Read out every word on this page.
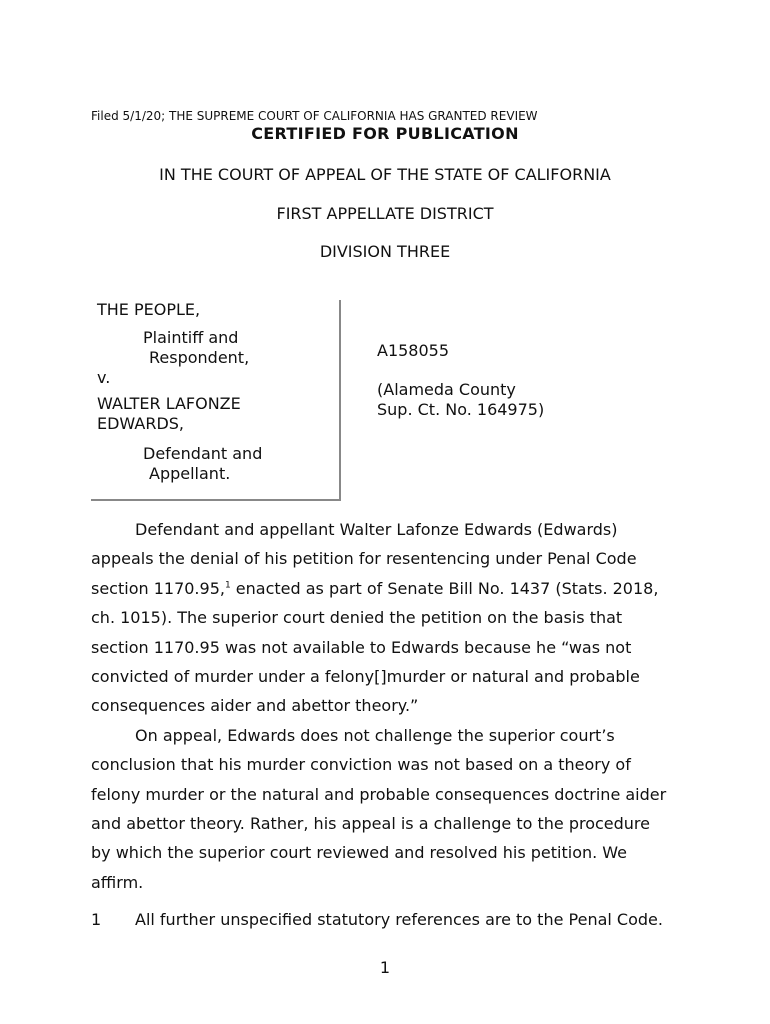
Filed 5/1/20; THE SUPREME COURT OF CALIFORNIA HAS GRANTED REVIEW
CERTIFIED FOR PUBLICATION
IN THE COURT OF APPEAL OF THE STATE OF CALIFORNIA
FIRST APPELLATE DISTRICT
DIVISION THREE
THE PEOPLE,
Plaintiff and
Respondent,
v.
WALTER LAFONZE
EDWARDS,
Defendant and
Appellant.
A158055
(Alameda County
Sup. Ct. No. 164975)

Defendant and appellant Walter Lafonze Edwards (Edwards)

appeals the denial of his petition for resentencing under Penal Code

section 1170.95,$^1$ enacted as part of Senate Bill No. 1437 (Stats. 2018,

ch. 1015). The superior court denied the petition on the basis that

section 1170.95 was not available to Edwards because he “was not

convicted of murder under a felony[]murder or natural and probable

consequences aider and abettor theory.”

On appeal, Edwards does not challenge the superior court’s

conclusion that his murder conviction was not based on a theory of

felony murder or the natural and probable consequences doctrine aider

and abettor theory. Rather, his appeal is a challenge to the procedure

by which the superior court reviewed and resolved his petition. We

affirm.

1 All further unspecified statutory references are to the Penal Code.
1
